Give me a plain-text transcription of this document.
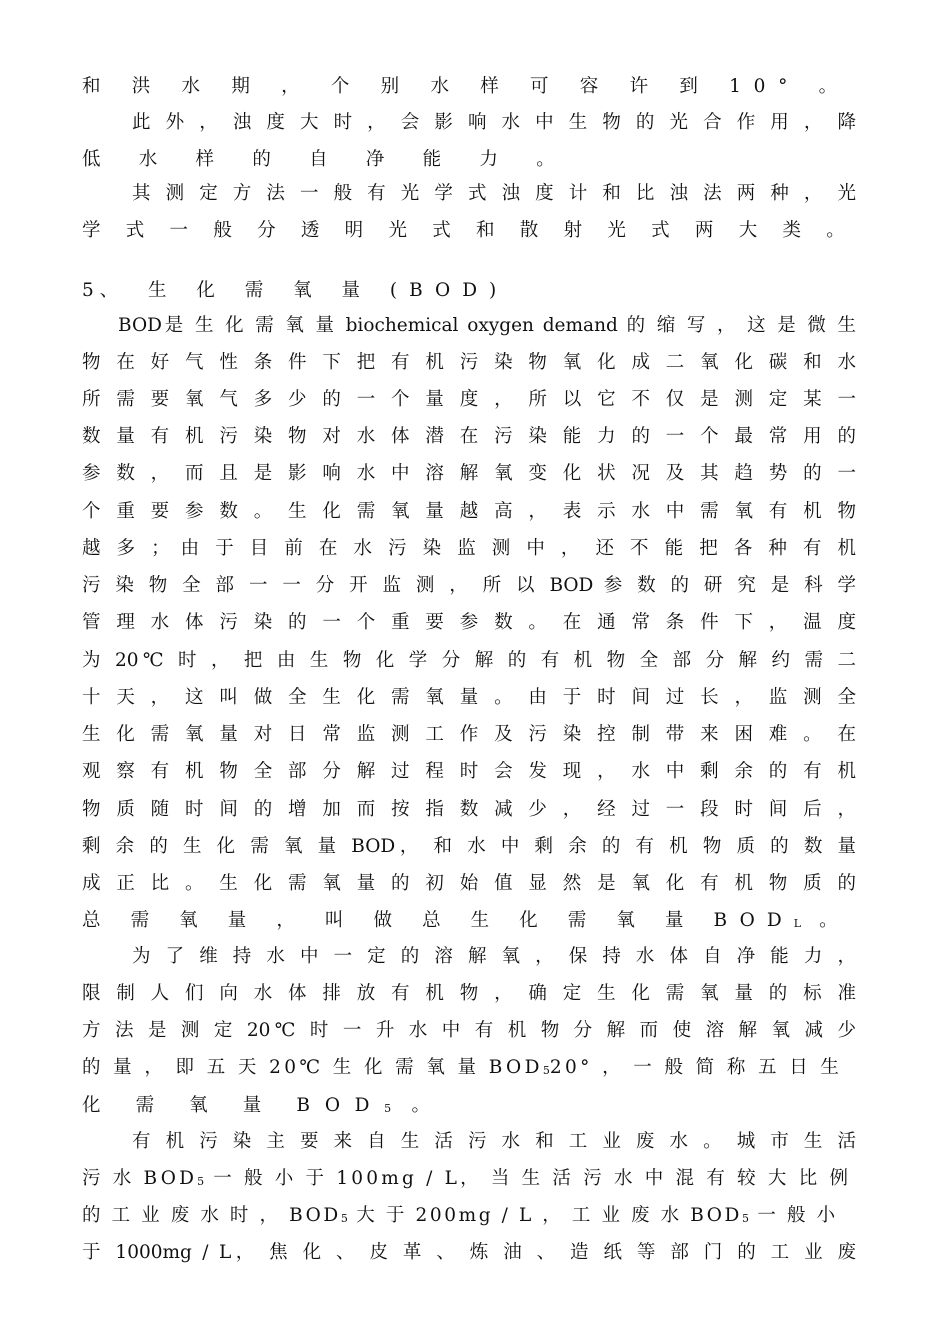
和 洪 水 期 ， 个 别 水 样 可 容 许 到 10° 。
此 外 ， 浊 度 大 时 ， 会 影 响 水 中 生 物 的 光 合 作 用 ， 降
低 水 样 的 自 净 能 力 。
其 测 定 方 法 一 般 有 光 学 式 浊 度 计 和 比 浊 法 两 种 ， 光
学 式 一 般 分 透 明 光 式 和 散 射 光 式 两 大 类 。
5 、 生 化 需 氧 量 (BOD)
BOD是 生 化 需 氧 量 biochemical oxygen demand 的 缩 写 ， 这 是 微 生
物 在 好 气 性 条 件 下 把 有 机 污 染 物 氧 化 成 二 氧 化 碳 和 水
所 需 要 氧 气 多 少 的 一 个 量 度 ， 所 以 它 不 仅 是 测 定 某 一
数 量 有 机 污 染 物 对 水 体 潜 在 污 染 能 力 的 一 个 最 常 用 的
参 数 ， 而 且 是 影 响 水 中 溶 解 氧 变 化 状 况 及 其 趋 势 的 一
个 重 要 参 数 。 生 化 需 氧 量 越 高 ， 表 示 水 中 需 氧 有 机 物
越 多 ； 由 于 目 前 在 水 污 染 监 测 中 ， 还 不 能 把 各 种 有 机
污 染 物 全 部 一 一 分 开 监 测 ， 所 以 BOD 参 数 的 研 究 是 科 学
管 理 水 体 污 染 的 一 个 重 要 参 数 。 在 通 常 条 件 下 ， 温 度
为 20℃ 时 ， 把 由 生 物 化 学 分 解 的 有 机 物 全 部 分 解 约 需 二
十 天 ， 这 叫 做 全 生 化 需 氧 量 。 由 于 时 间 过 长 ， 监 测 全
生 化 需 氧 量 对 日 常 监 测 工 作 及 污 染 控 制 带 来 困 难 。 在
观 察 有 机 物 全 部 分 解 过 程 时 会 发 现 ， 水 中 剩 余 的 有 机
物 质 随 时 间 的 增 加 而 按 指 数 减 少 ， 经 过 一 段 时 间 后 ，
剩 余 的 生 化 需 氧 量 BOD， 和 水 中 剩 余 的 有 机 物 质 的 数 量
成 正 比 。 生 化 需 氧 量 的 初 始 值 显 然 是 氧 化 有 机 物 质 的
总 需 氧 量 ， 叫 做 总 生 化 需 氧 量 BODL 。
为 了 维 持 水 中 一 定 的 溶 解 氧 ， 保 持 水 体 自 净 能 力 ，
限 制 人 们 向 水 体 排 放 有 机 物 ， 确 定 生 化 需 氧 量 的 标 准
方 法 是 测 定 20℃ 时 一 升 水 中 有 机 物 分 解 而 使 溶 解 氧 减 少
的 量 ， 即 五 天 20℃ 生 化 需 氧 量 BOD520° ， 一 般 简 称 五 日 生
化 需 氧 量 BOD5 。
有 机 污 染 主 要 来 自 生 活 污 水 和 工 业 废 水 。 城 市 生 活
污 水 BOD5 一 般 小 于 100mg / L， 当 生 活 污 水 中 混 有 较 大 比 例
的 工 业 废 水 时 ， BOD5 大 于 200mg / L ， 工 业 废 水 BOD5 一 般 小
于 1000mg / L， 焦 化 、 皮 革 、 炼 油 、 造 纸 等 部 门 的 工 业 废
